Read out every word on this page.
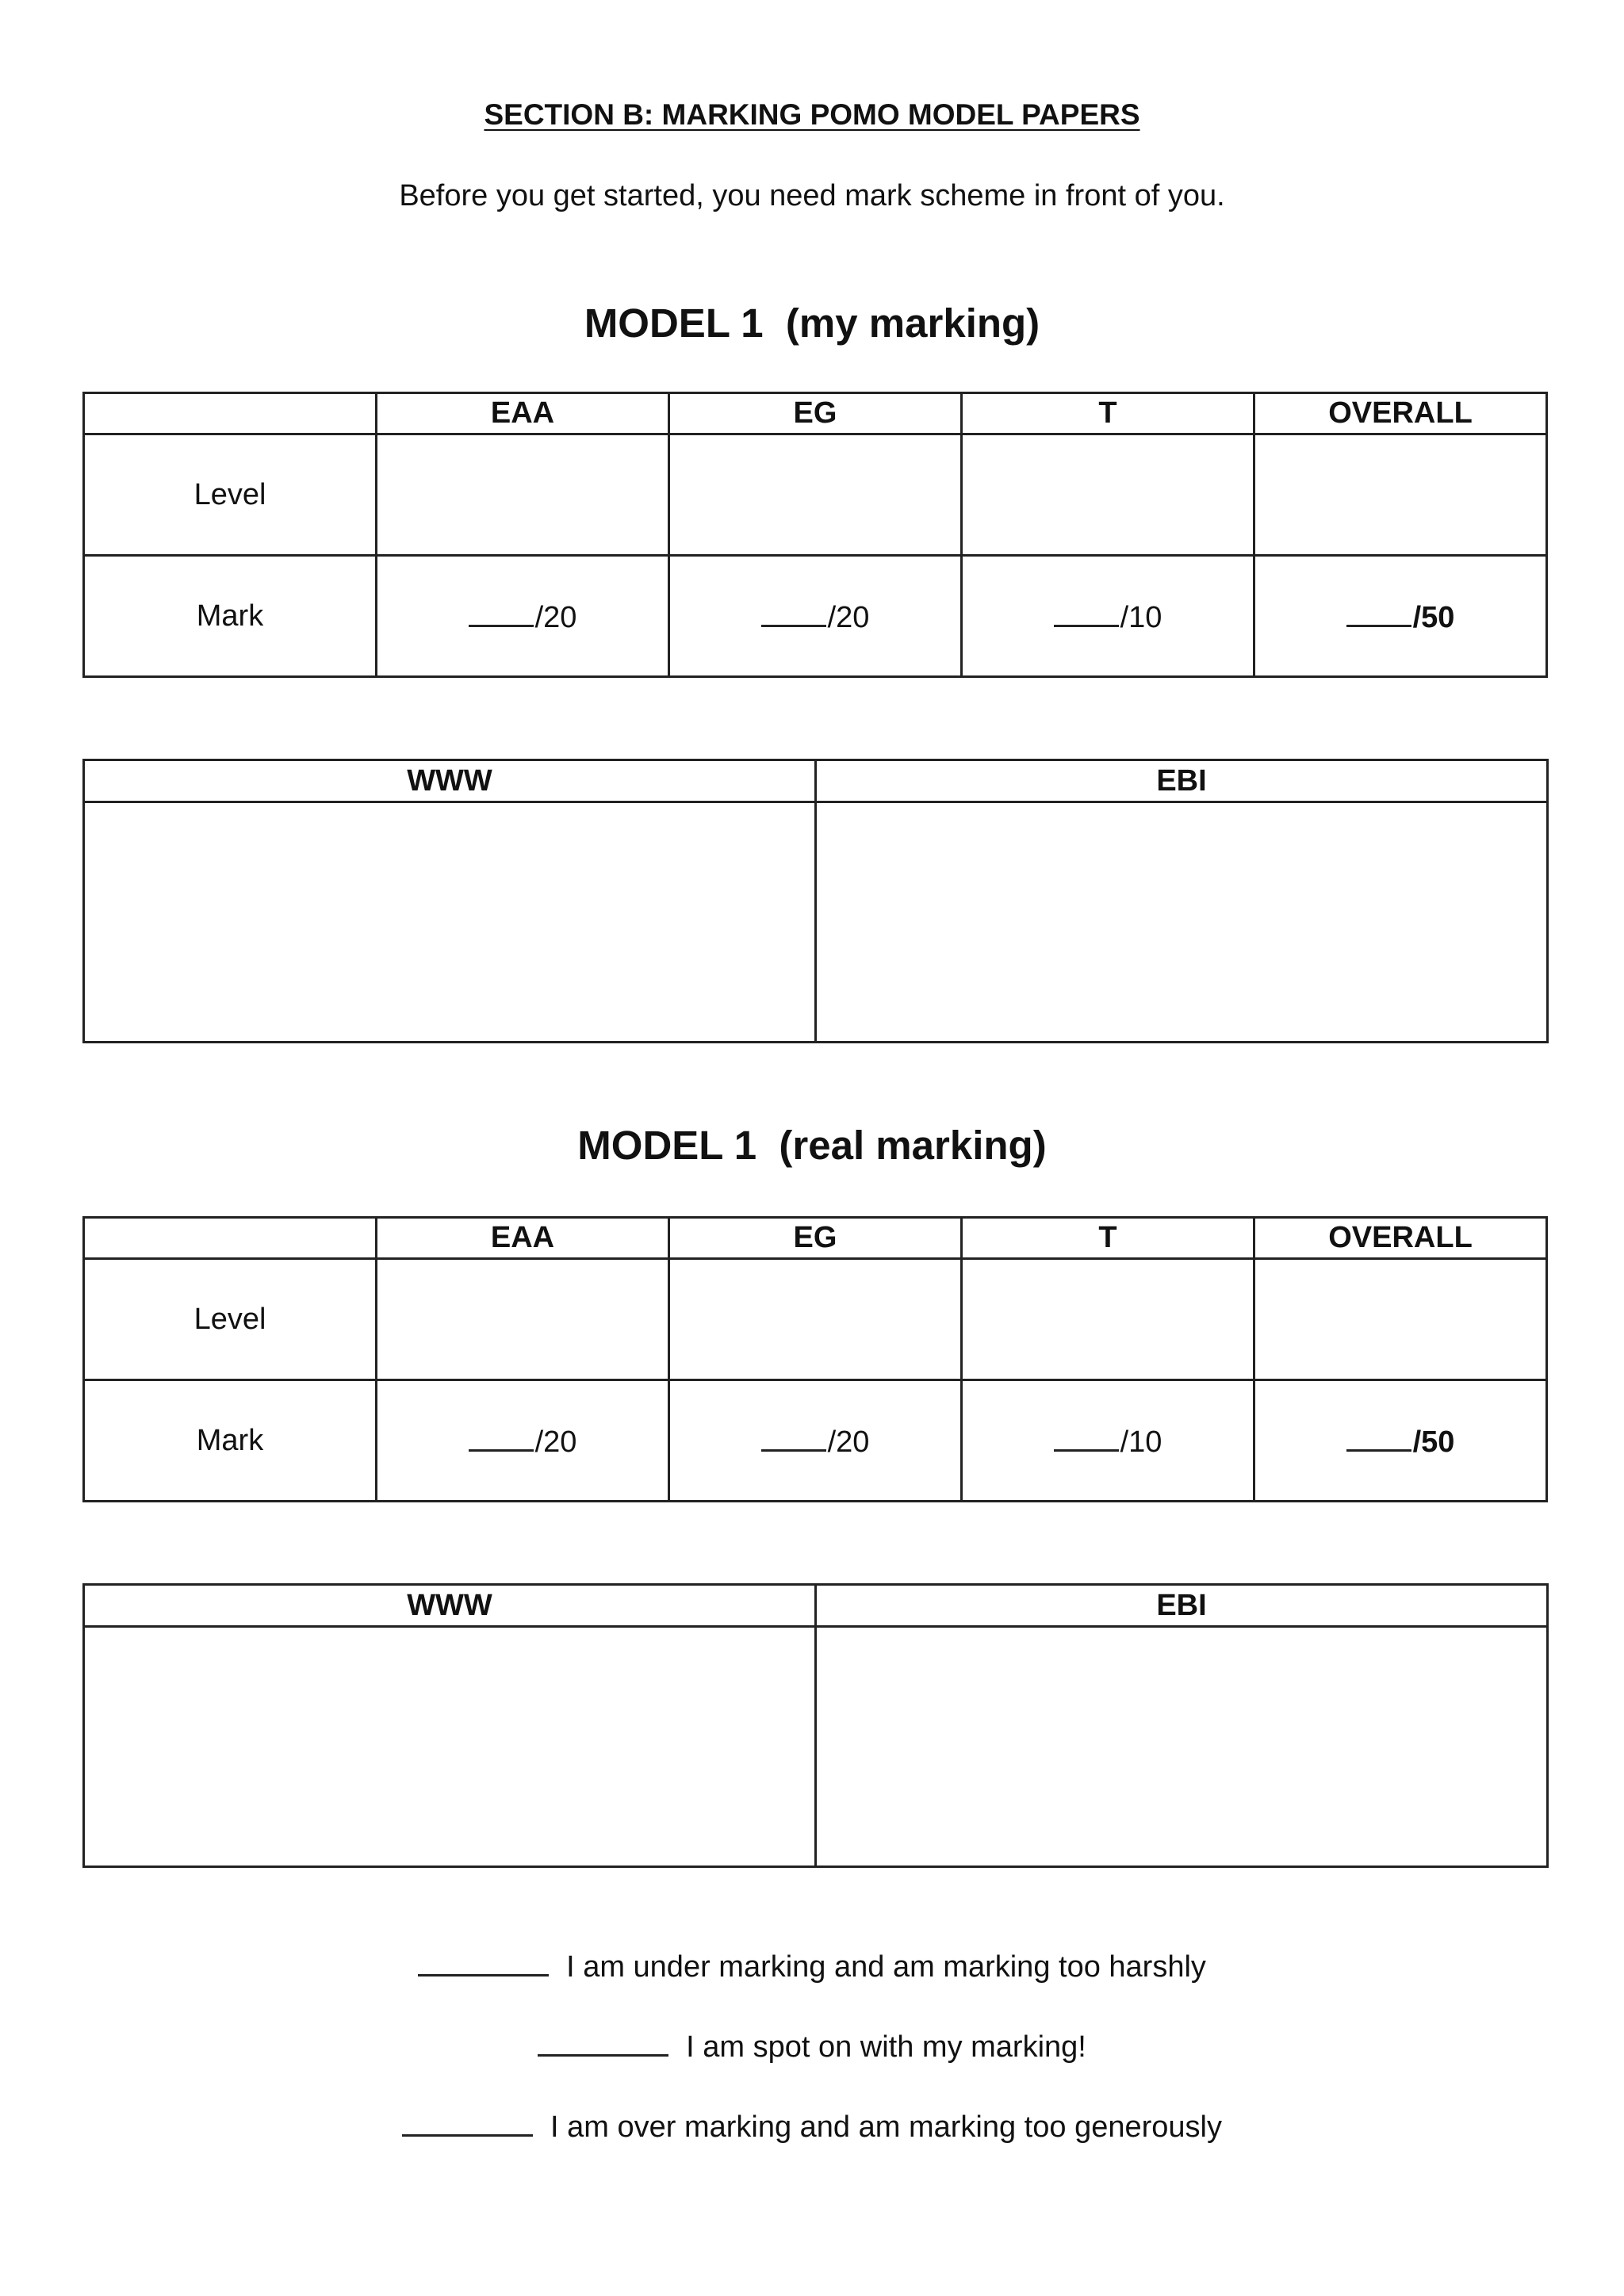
SECTION B: MARKING POMO MODEL PAPERS
Before you get started, you need mark scheme in front of you.
MODEL 1  (my marking)
	EAA	EG	T	OVERALL
Level				
Mark	/20	/20	/10	/50
WWW	EBI

MODEL 1  (real marking)
	EAA	EG	T	OVERALL
Level				
Mark	/20	/20	/10	/50
WWW	EBI

I am under marking and am marking too harshly
I am spot on with my marking!
I am over marking and am marking too generously
